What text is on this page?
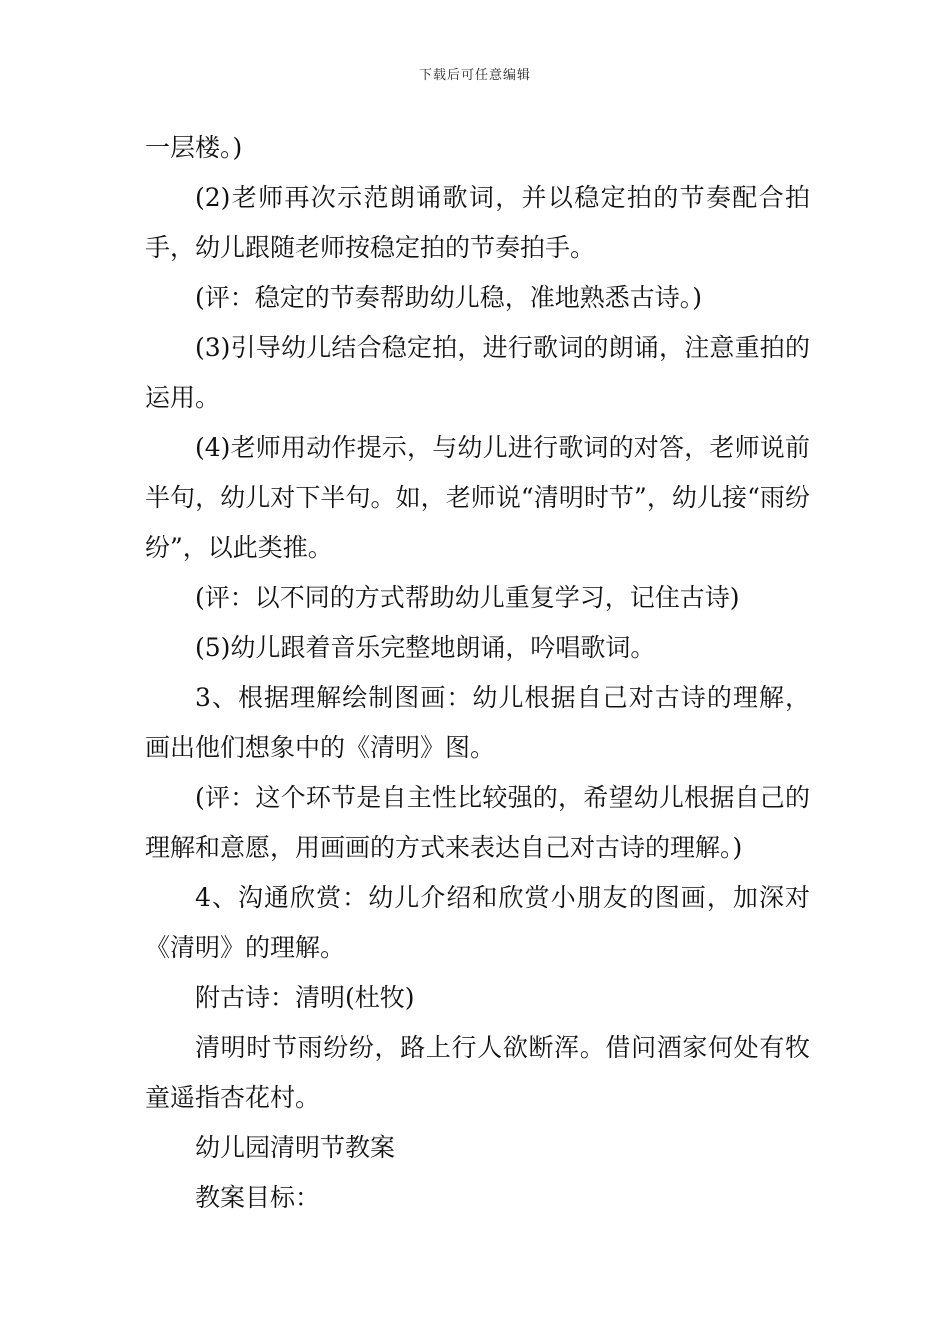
下载后可任意编辑

一层楼。)

(2)老师再次示范朗诵歌词，并以稳定拍的节奏配合拍手，幼儿跟随老师按稳定拍的节奏拍手。

(评：稳定的节奏帮助幼儿稳，准地熟悉古诗。)

(3)引导幼儿结合稳定拍，进行歌词的朗诵，注意重拍的运用。

(4)老师用动作提示，与幼儿进行歌词的对答，老师说前半句，幼儿对下半句。如，老师说“清明时节”，幼儿接“雨纷纷”，以此类推。

(评：以不同的方式帮助幼儿重复学习，记住古诗)

(5)幼儿跟着音乐完整地朗诵，吟唱歌词。

3、根据理解绘制图画：幼儿根据自己对古诗的理解，画出他们想象中的《清明》图。

(评：这个环节是自主性比较强的，希望幼儿根据自己的理解和意愿，用画画的方式来表达自己对古诗的理解。)

4、沟通欣赏：幼儿介绍和欣赏小朋友的图画，加深对《清明》的理解。

附古诗：清明(杜牧)

清明时节雨纷纷，路上行人欲断浑。借问酒家何处有牧童遥指杏花村。

幼儿园清明节教案

教案目标：
